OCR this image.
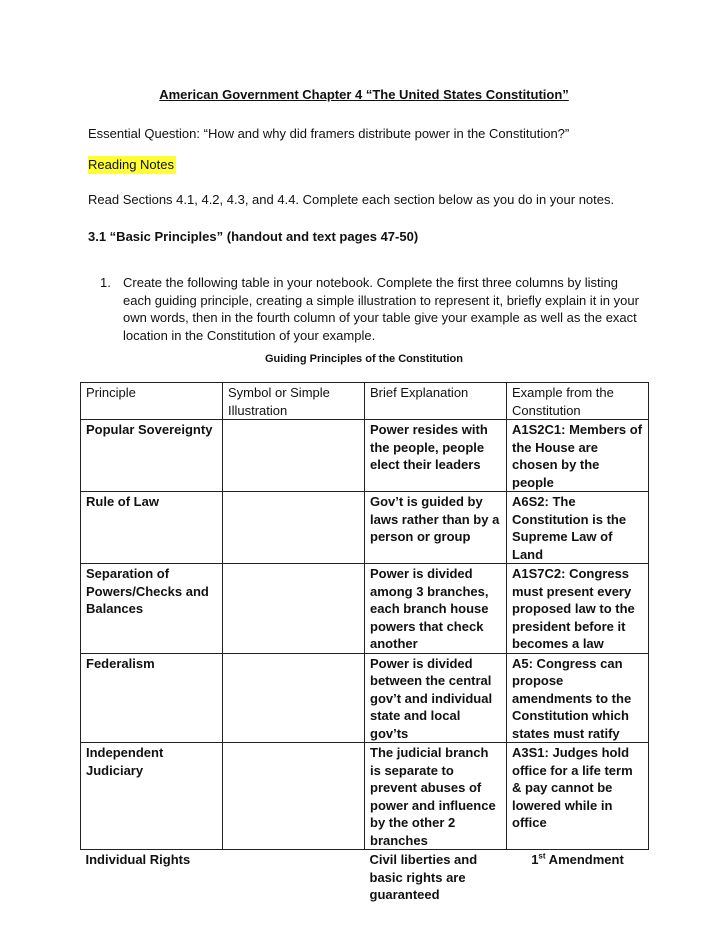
American Government Chapter 4 “The United States Constitution”
Essential Question: “How and why did framers distribute power in the Constitution?”
Reading Notes
Read Sections 4.1, 4.2, 4.3, and 4.4. Complete each section below as you do in your notes.
3.1 “Basic Principles” (handout and text pages 47-50)
1. Create the following table in your notebook. Complete the first three columns by listing each guiding principle, creating a simple illustration to represent it, briefly explain it in your own words, then in the fourth column of your table give your example as well as the exact location in the Constitution of your example.
Guiding Principles of the Constitution
Principle	Symbol or Simple Illustration	Brief Explanation	Example from the Constitution
Popular Sovereignty		Power resides with the people, people elect their leaders	A1S2C1: Members of the House are chosen by the people
Rule of Law		Gov’t is guided by laws rather than by a person or group	A6S2: The Constitution is the Supreme Law of Land
Separation of Powers/Checks and Balances		Power is divided among 3 branches, each branch house powers that check another	A1S7C2: Congress must present every proposed law to the president before it becomes a law
Federalism		Power is divided between the central gov’t and individual state and local gov’ts	A5: Congress can propose amendments to the Constitution which states must ratify
Independent Judiciary		The judicial branch is separate to prevent abuses of power and influence by the other 2 branches	A3S1: Judges hold office for a life term & pay cannot be lowered while in office
Individual Rights		Civil liberties and basic rights are guaranteed	1st Amendment
